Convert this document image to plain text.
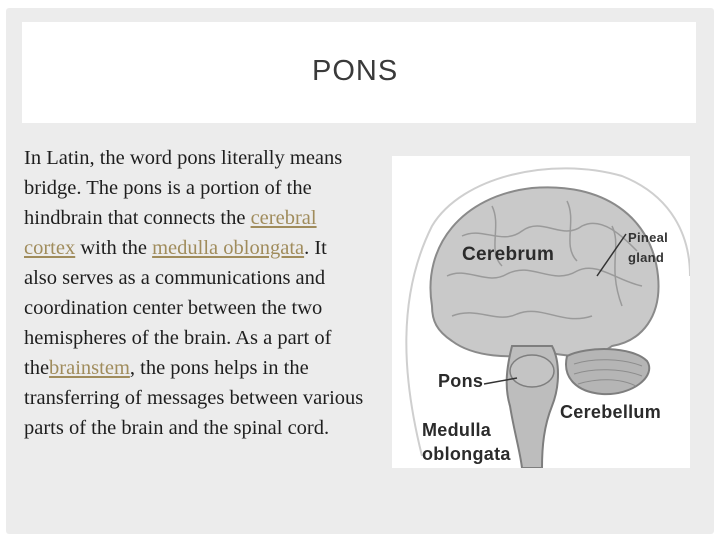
PONS
In Latin, the word pons literally means bridge. The pons is a portion of the hindbrain that connects the cerebral cortex with the medulla oblongata. It also serves as a communications and coordination center between the two hemispheres of the brain. As a part of thebrainstem, the pons helps in the transferring of messages between various parts of the brain and the spinal cord.
Cerebrum
Pineal
gland
Pons
Cerebellum
Medulla
oblongata
